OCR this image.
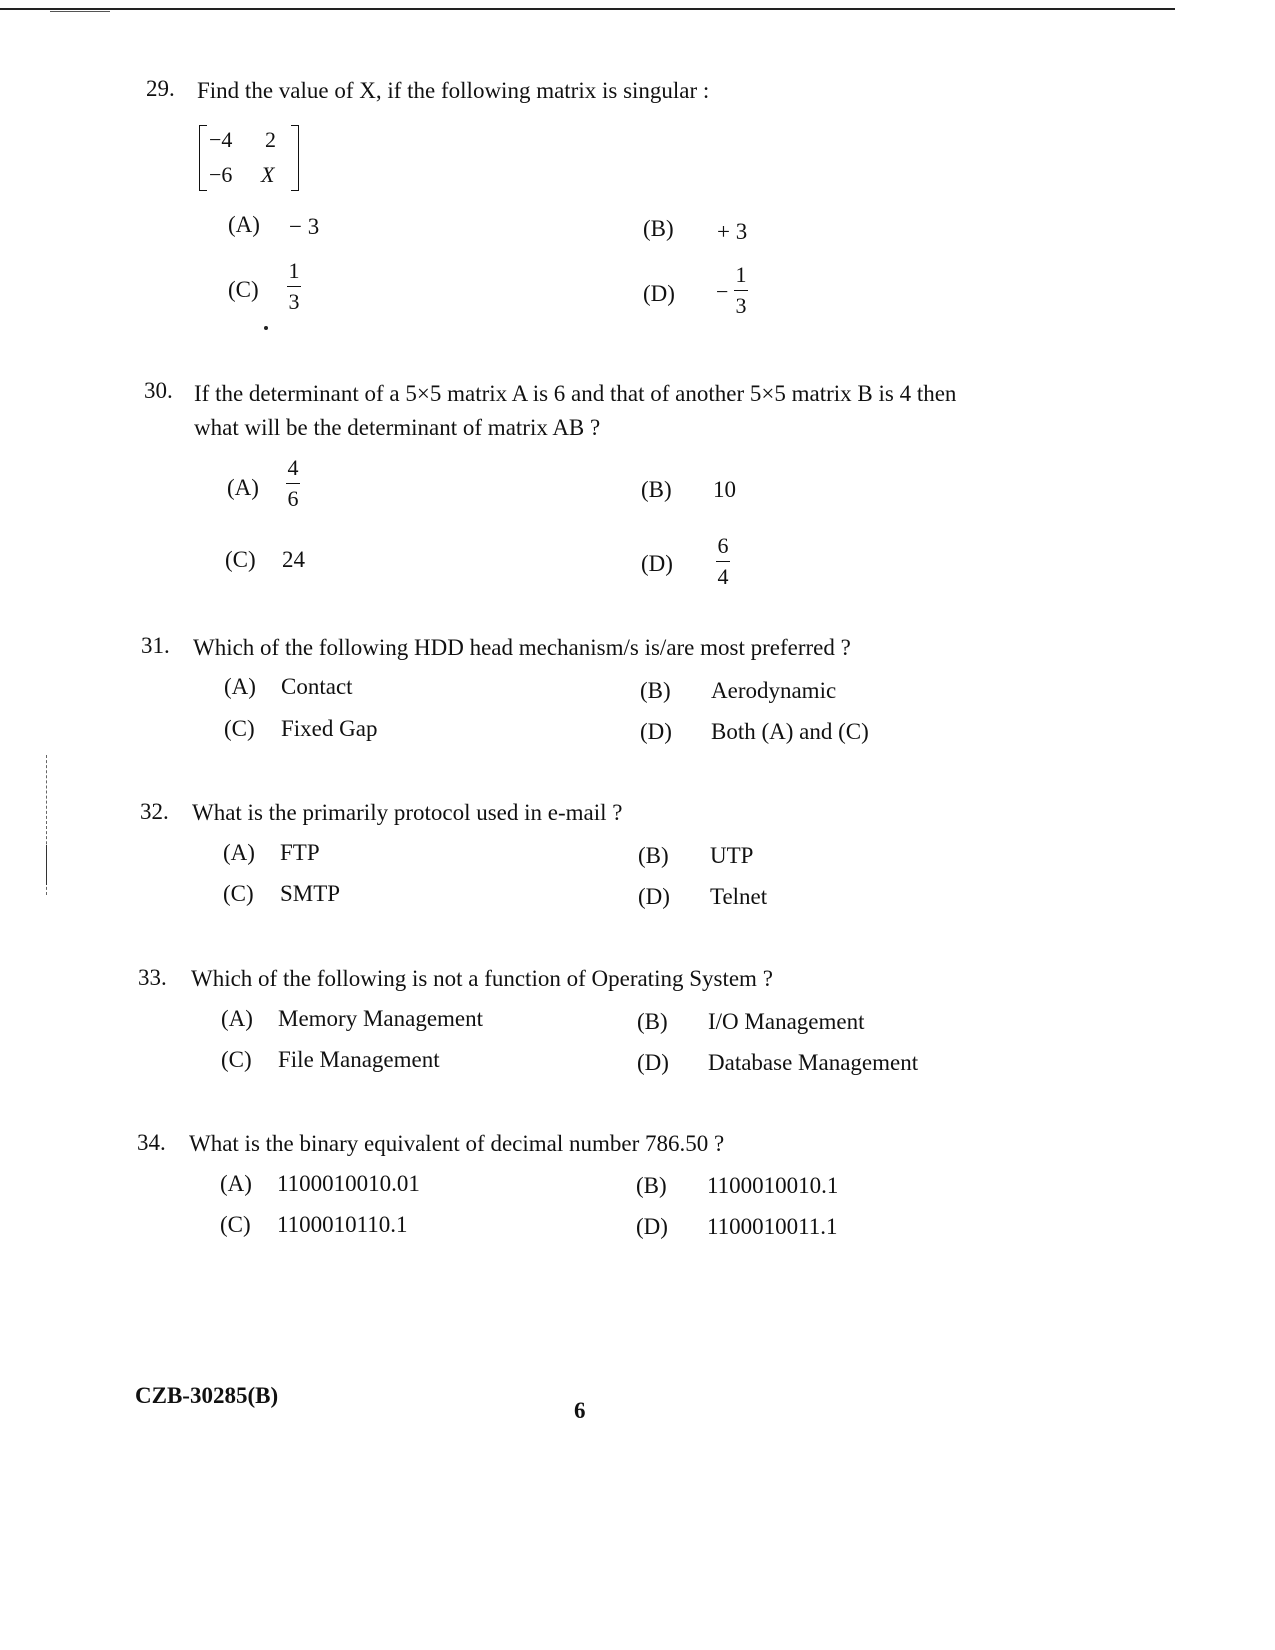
29. Find the value of X, if the following matrix is singular :
−4 2
−6 X
(A) − 3	(B) + 3
(C)
1
3	(D) −
1
3
30. If the determinant of a 5×5 matrix A is 6 and that of another 5×5 matrix B is 4 then
what will be the determinant of matrix AB ?
(A)
4
6	(B) 10
(C) 24	(D)
6
4
31. Which of the following HDD head mechanism/s is/are most preferred ?
(A) Contact	(B) Aerodynamic
(C) Fixed Gap	(D) Both (A) and (C)
32. What is the primarily protocol used in e-mail ?
(A) FTP	(B) UTP
(C) SMTP	(D) Telnet
33. Which of the following is not a function of Operating System ?
(A) Memory Management	(B) I/O Management
(C) File Management	(D) Database Management
34. What is the binary equivalent of decimal number 786.50 ?
(A) 1100010010.01	(B) 1100010010.1
(C) 1100010110.1	(D) 1100010011.1
CZB-30285(B)
6
